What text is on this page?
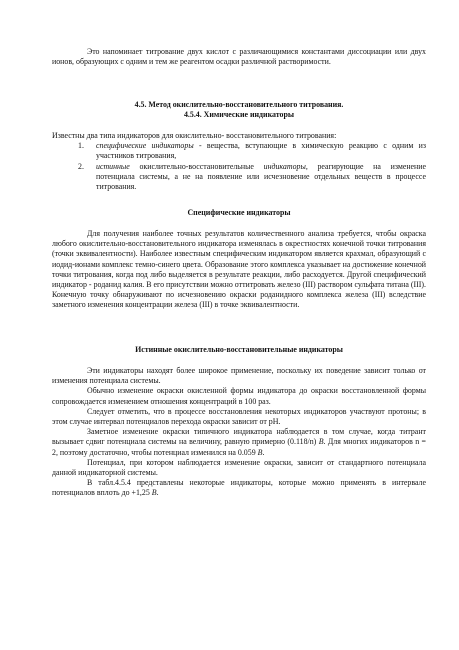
Это напоминает титрование двух кислот с различающимися константами диссоциации или двух ионов, образующих с одним и тем же реагентом осадки различной растворимости.

4.5. Метод окислительно-восстановительного титрования.
4.5.4. Химические индикаторы

Известны два типа индикаторов для окислительно- восстановительного титрования:

1. специфические индикаторы - вещества, вступающие в химическую реакцию с одним из участников титрования,
2. истинные окислительно-восстановительные индикаторы, реагирующие на изменение потенциала системы, а не на появление или исчезновение отдельных веществ в процессе титрования.
Специфические индикаторы

Для получения наиболее точных результатов количественного анализа требуется, чтобы окраска любого окислительно-восстановительного индикатора изменялась в окрестностях конечной точки титрования (точки эквивалентности). Наиболее известным специфическим индикатором является крахмал, образующий с иодид-ионами комплекс темно-синего цвета. Образование этого комплекса указывает на достижение конечной точки титрования, когда под либо выделяется в результате реакции, либо расходуется. Другой специфический индикатор - роданид калия. В его присутствии можно оттитровать железо (III) раствором сульфата титана (III). Конечную точку обнаруживают по исчезновению окраски роданидного комплекса железа (III) вследствие заметного изменения концентрации железа (III) в точке эквивалентности.

Истинные окислительно-восстановительные индикаторы

Эти индикаторы находят более широкое применение, поскольку их поведение зависит только от изменения потенциала системы.

Обычно изменение окраски окисленной формы индикатора до окраски восстановленной формы сопровождается изменением отношения концентраций в 100 раз.

Следует отметить, что в процессе восстановления некоторых индикаторов участвуют протоны; в этом случае интервал потенциалов перехода окраски зависит от pH.

Заметное изменение окраски типичного индикатора наблюдается в том случае, когда титрант вызывает сдвиг потенциала системы на величину, равную примерно (0.118/n) В. Для многих индикаторов n = 2, поэтому достаточно, чтобы потенциал изменился на 0.059 В.

Потенциал, при котором наблюдается изменение окраски, зависит от стандартного потенциала данной индикаторной системы.

В табл.4.5.4 представлены некоторые индикаторы, которые можно применять в интервале потенциалов вплоть до +1,25 В.
